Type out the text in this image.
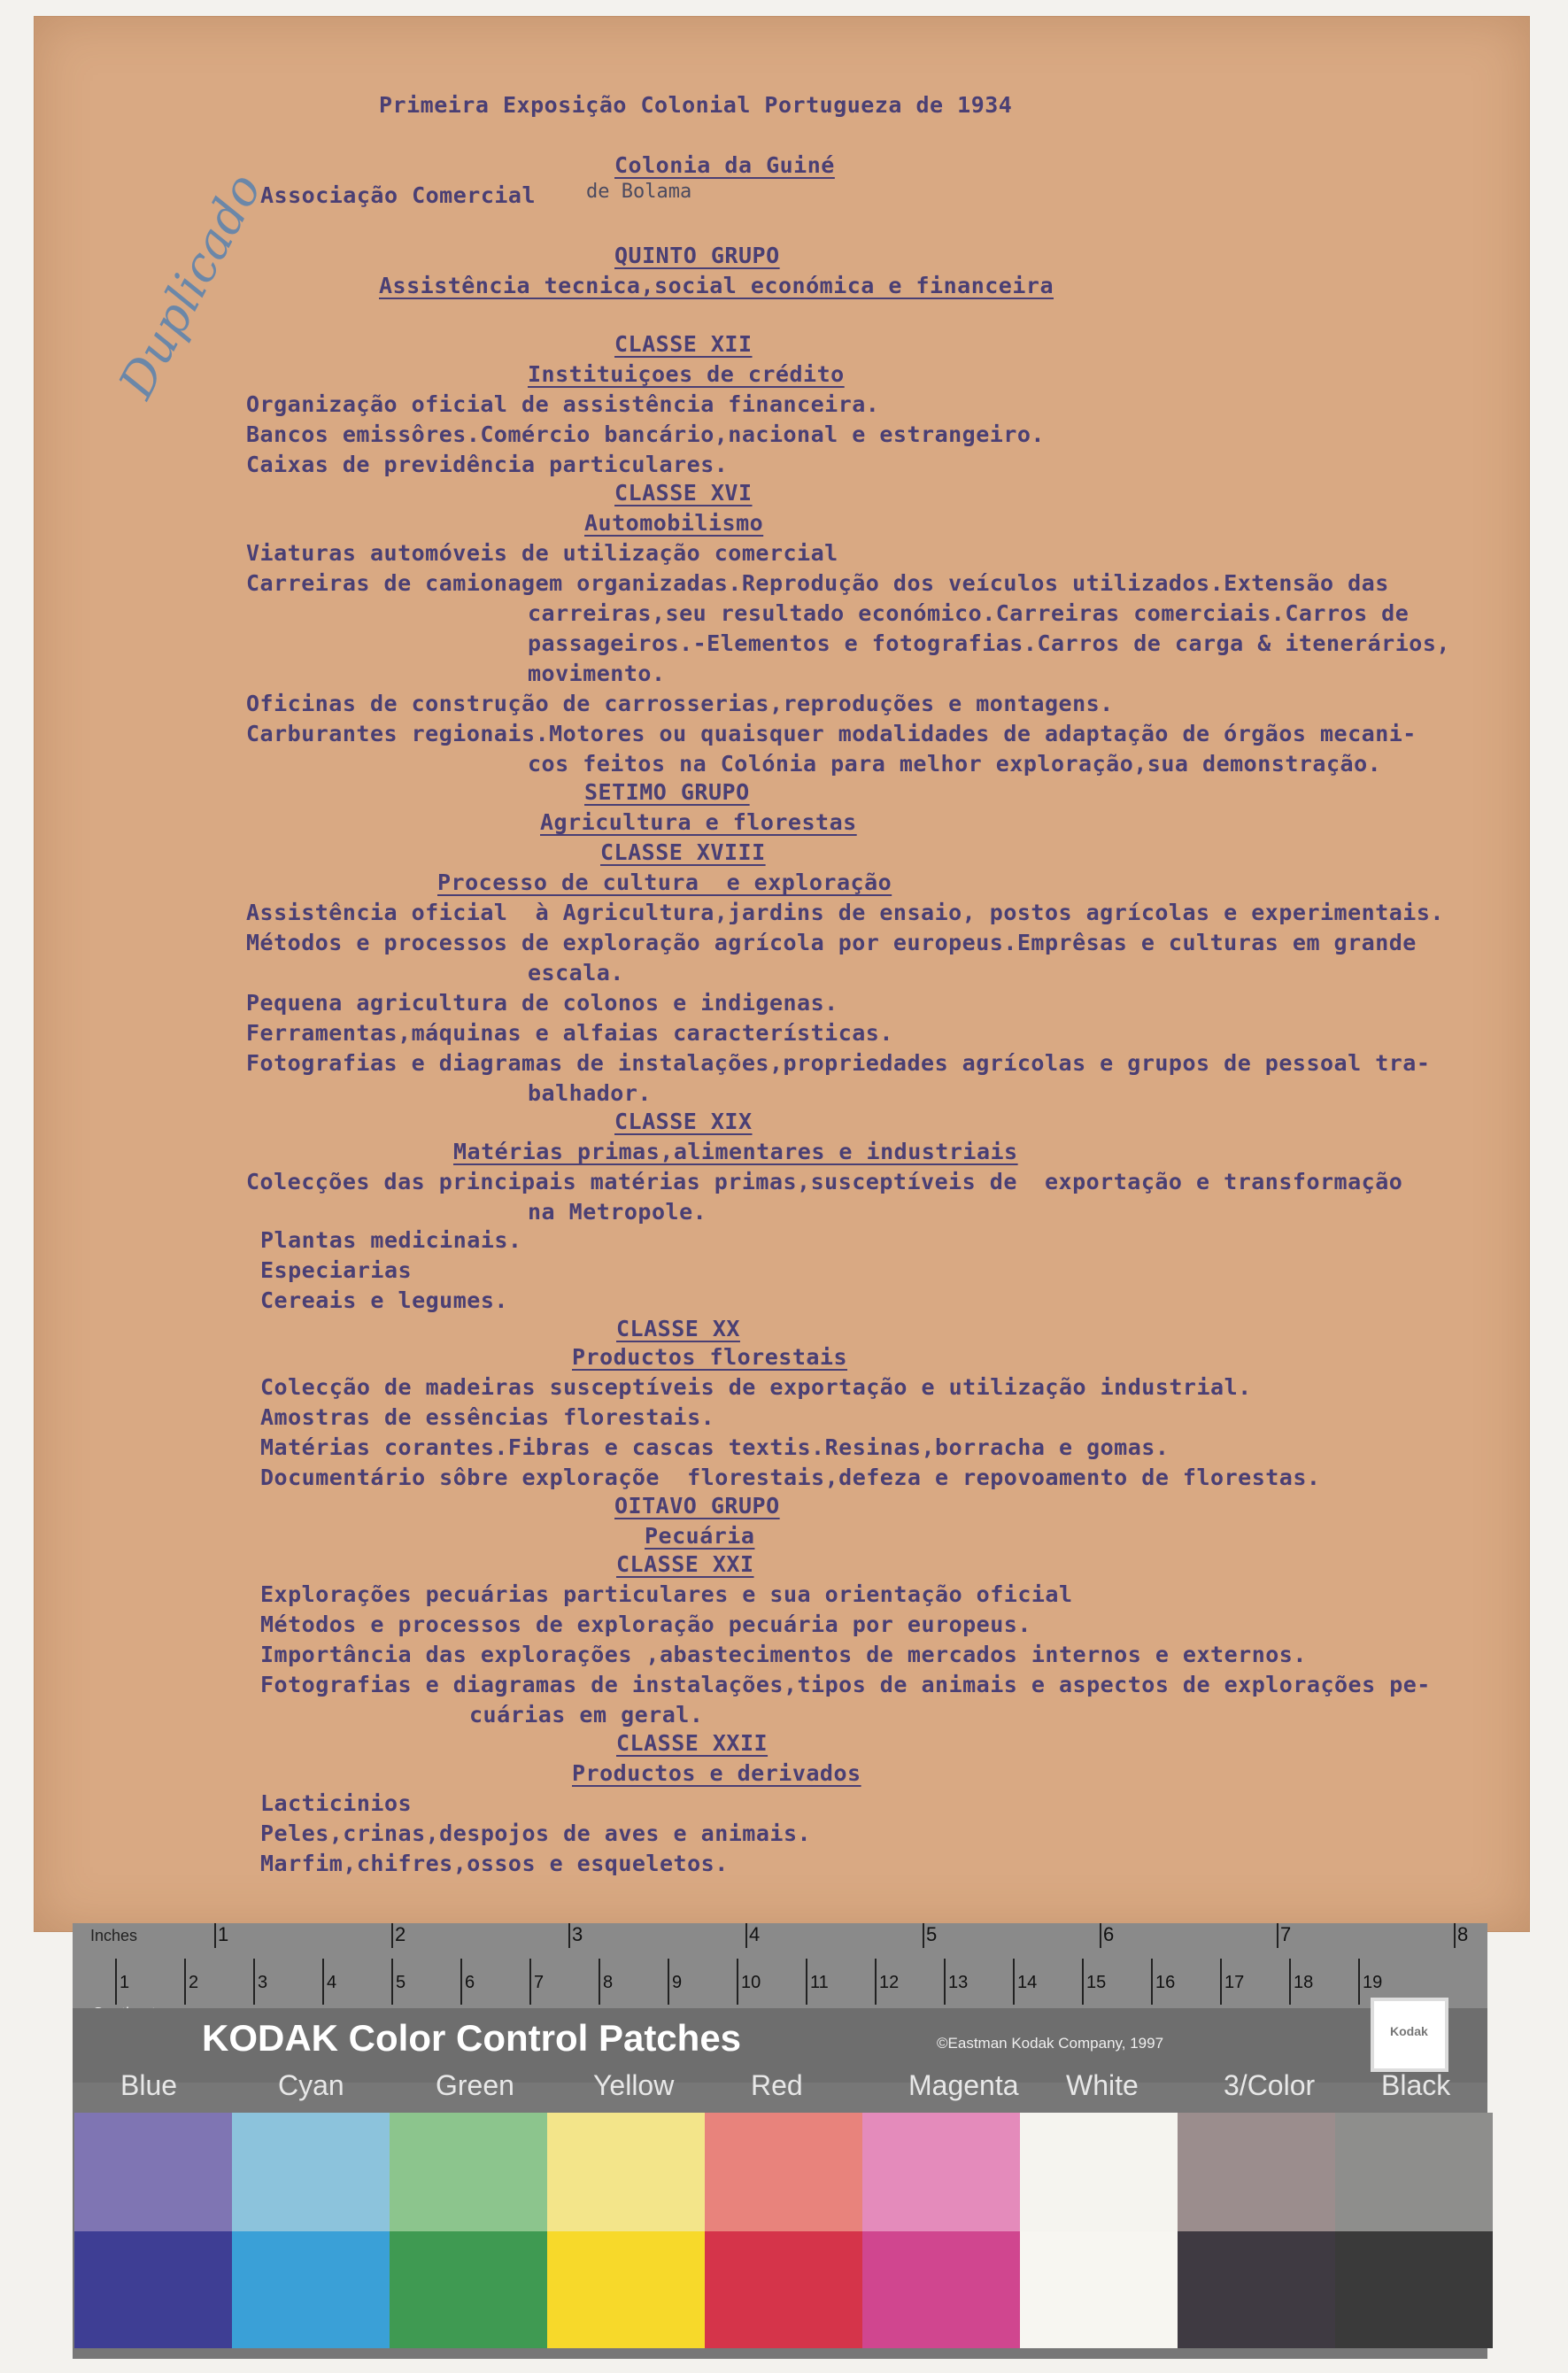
Duplicado
Primeira Exposição Colonial Portugueza de 1934
Colonia da Guiné
Associação Comercial	de Bolama
QUINTO GRUPO
Assistência tecnica,social económica e financeira
CLASSE XII
Instituiçoes de crédito
Organização oficial de assistência financeira.
Bancos emissôres.Comércio bancário,nacional e estrangeiro.
Caixas de previdência particulares.
CLASSE XVI
Automobilismo
Viaturas automóveis de utilização comercial
Carreiras de camionagem organizadas.Reprodução dos veículos utilizados.Extensão das
carreiras,seu resultado económico.Carreiras comerciais.Carros de
passageiros.-Elementos e fotografias.Carros de carga & itenerários,
movimento.
Oficinas de construção de carrosserias,reproduções e montagens.
Carburantes regionais.Motores ou quaisquer modalidades de adaptação de órgãos mecani-
cos feitos na Colónia para melhor exploração,sua demonstração.
SETIMO GRUPO
Agricultura e florestas
CLASSE XVIII
Processo de cultura  e exploração
Assistência oficial  à Agricultura,jardins de ensaio, postos agrícolas e experimentais.
Métodos e processos de exploração agrícola por europeus.Emprêsas e culturas em grande
escala.
Pequena agricultura de colonos e indigenas.
Ferramentas,máquinas e alfaias características.
Fotografias e diagramas de instalações,propriedades agrícolas e grupos de pessoal tra-
balhador.
CLASSE XIX
Matérias primas,alimentares e industriais
Colecções das principais matérias primas,susceptíveis de  exportação e transformação
na Metropole.
Plantas medicinais.
Especiarias
Cereais e legumes.
CLASSE XX
Productos florestais
Colecção de madeiras susceptíveis de exportação e utilização industrial.
Amostras de essências florestais.
Matérias corantes.Fibras e cascas textis.Resinas,borracha e gomas.
Documentário sôbre exploraçõe  florestais,defeza e repovoamento de florestas.
OITAVO GRUPO
Pecuária
CLASSE XXI
Explorações pecuárias particulares e sua orientação oficial
Métodos e processos de exploração pecuária por europeus.
Importância das explorações ,abastecimentos de mercados internos e externos.
Fotografias e diagramas de instalações,tipos de animais e aspectos de explorações pe-
cuárias em geral.
CLASSE XXII
Productos e derivados
Lacticinios
Peles,crinas,despojos de aves e animais.
Marfim,chifres,ossos e esqueletos.
Inches	1	2	3	4	5	6	7	8
1	2	3	4	5	6	7	8	9	10	11	12	13	14	15	16	17	18	19
KODAK Color Control Patches	©Eastman Kodak Company, 1997
Kodak
Blue	Cyan	Green	Yellow	Red	Magenta White	3/Color Black
